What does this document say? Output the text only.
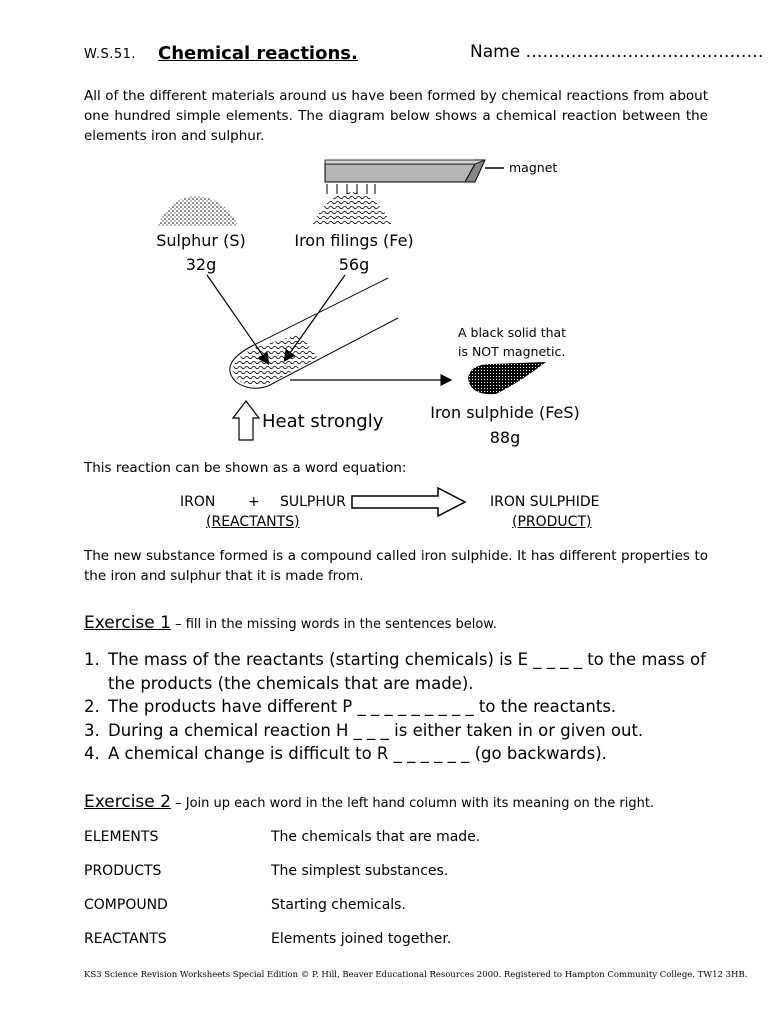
W.S.51. Chemical reactions.	Name ……………………………………
All of the different materials around us have been formed by chemical reactions from about one hundred simple elements. The diagram below shows a chemical reaction between the elements iron and sulphur.
magnet
Sulphur (S)
32g
Iron filings (Fe)
56g
A black solid that
is NOT magnetic.
Heat strongly	Iron sulphide (FeS)
88g
This reaction can be shown as a word equation:
IRON + SULPHUR
(REACTANTS)
IRON SULPHIDE
(PRODUCT)
The new substance formed is a compound called iron sulphide. It has different properties to the iron and sulphur that it is made from.
Exercise 1 – fill in the missing words in the sentences below.
1. The mass of the reactants (starting chemicals) is E _ _ _ _ to the mass of the products (the chemicals that are made).
2. The products have different P _ _ _ _ _ _ _ _ _ to the reactants.
3. During a chemical reaction H _ _ _ is either taken in or given out.
4. A chemical change is difficult to R _ _ _ _ _ _ (go backwards).
Exercise 2 – Join up each word in the left hand column with its meaning on the right.
ELEMENTS	The chemicals that are made.
PRODUCTS	The simplest substances.
COMPOUND	Starting chemicals.
REACTANTS	Elements joined together.
KS3 Science Revision Worksheets Special Edition © P. Hill, Beaver Educational Resources 2000. Registered to Hampton Community College. TW12 3HB.
